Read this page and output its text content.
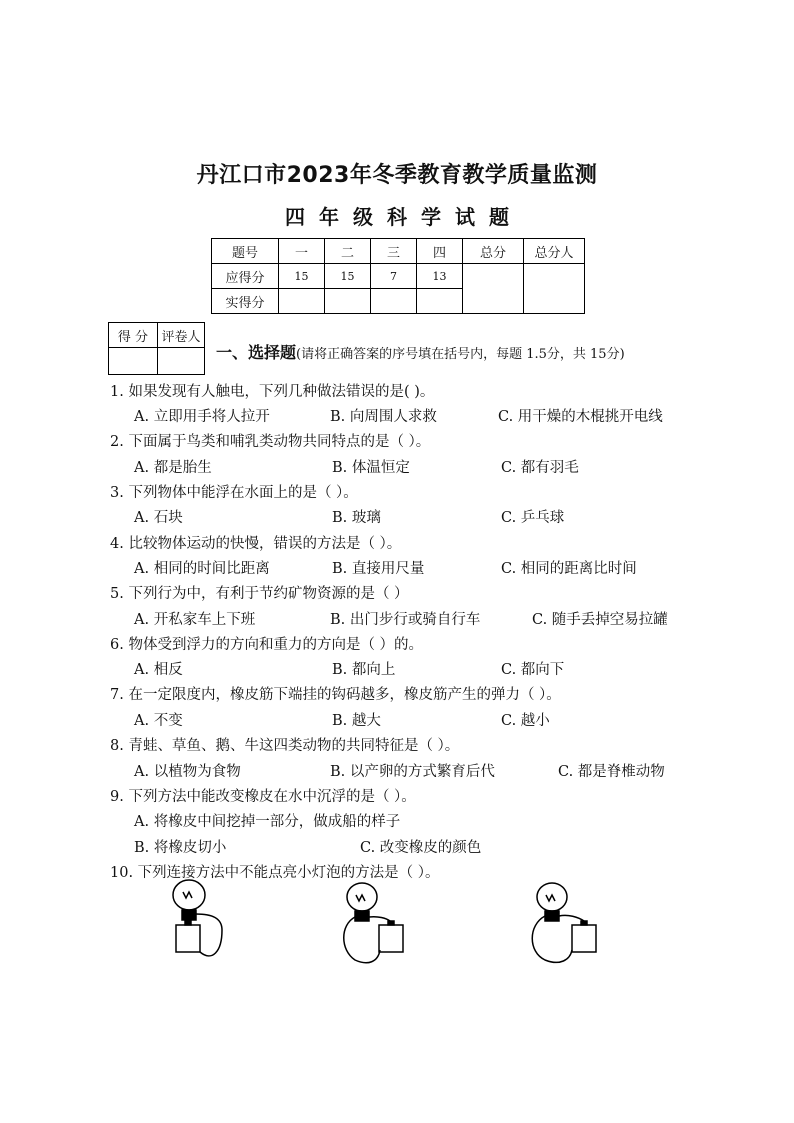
丹江口市2023年冬季教育教学质量监测
四年级科学试题
题号	一	二	三	四	总分	总分人
应得分	15	15	7	13		
实得分						
得 分	评卷人

一、选择题(请将正确答案的序号填在括号内，每题 1.5分，共 15分)
1. 如果发现有人触电，下列几种做法错误的是( )。
A. 立即用手将人拉开	B. 向周围人求救	C. 用干燥的木棍挑开电线
2. 下面属于鸟类和哺乳类动物共同特点的是（ ）。
A. 都是胎生	B. 体温恒定	C. 都有羽毛
3. 下列物体中能浮在水面上的是（ ）。
A. 石块	B. 玻璃	C. 乒乓球
4. 比较物体运动的快慢，错误的方法是（ ）。
A. 相同的时间比距离	B. 直接用尺量	C. 相同的距离比时间
5. 下列行为中，有利于节约矿物资源的是（ ）
A. 开私家车上下班	B. 出门步行或骑自行车	C. 随手丢掉空易拉罐
6. 物体受到浮力的方向和重力的方向是（ ）的。
A. 相反	B. 都向上	C. 都向下
7. 在一定限度内，橡皮筋下端挂的钩码越多，橡皮筋产生的弹力（ ）。
A. 不变	B. 越大	C. 越小
8. 青蛙、草鱼、鹅、牛这四类动物的共同特征是（ ）。
A. 以植物为食物	B. 以产卵的方式繁育后代	C. 都是脊椎动物
9. 下列方法中能改变橡皮在水中沉浮的是（ ）。
A. 将橡皮中间挖掉一部分，做成船的样子
B. 将橡皮切小	C. 改变橡皮的颜色
10. 下列连接方法中不能点亮小灯泡的方法是（ ）。
